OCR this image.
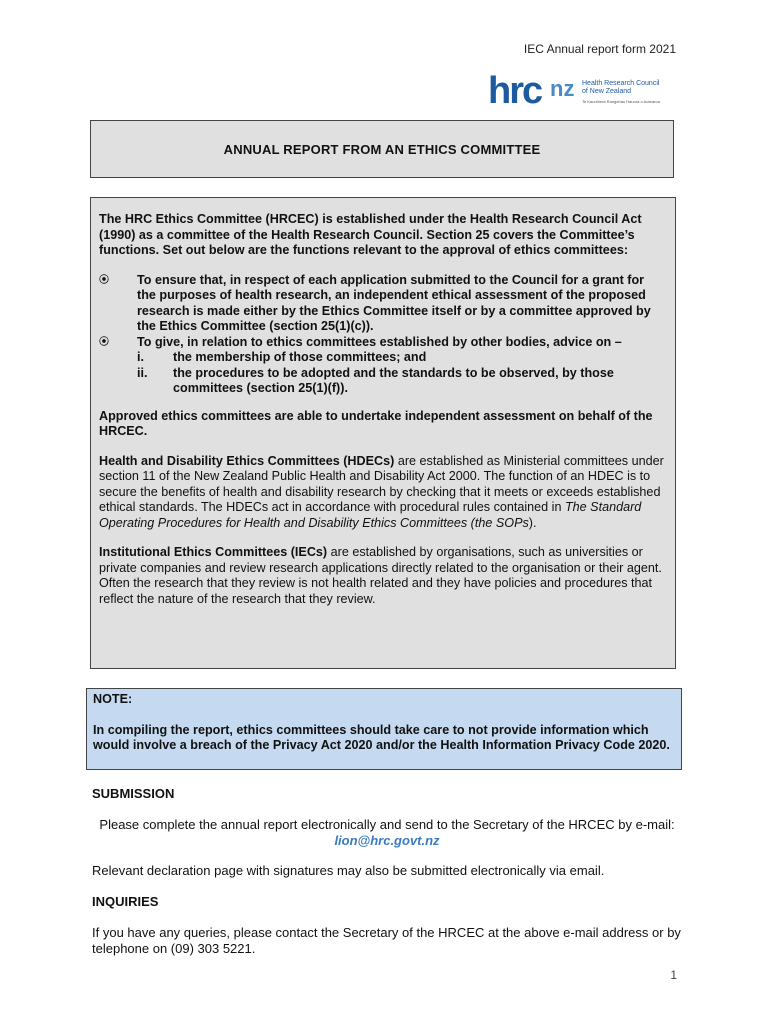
IEC Annual report form 2021
hrc nz Health Research Council
of New Zealand
Te Kaunihera Rangahau Hauora o Aotearoa
ANNUAL REPORT FROM AN ETHICS COMMITTEE

The HRC Ethics Committee (HRCEC) is established under the Health Research Council Act (1990) as a committee of the Health Research Council. Section 25 covers the Committee’s functions. Set out below are the functions relevant to the approval of ethics committees:

⦿ To ensure that, in respect of each application submitted to the Council for a grant for the purposes of health research, an independent ethical assessment of the proposed research is made either by the Ethics Committee itself or by a committee approved by the Ethics Committee (section 25(1)(c)).
⦿ To give, in relation to ethics committees established by other bodies, advice on –
i. the membership of those committees; and
ii. the procedures to be adopted and the standards to be observed, by those committees (section 25(1)(f)).

Approved ethics committees are able to undertake independent assessment on behalf of the HRCEC.

Health and Disability Ethics Committees (HDECs) are established as Ministerial committees under section 11 of the New Zealand Public Health and Disability Act 2000. The function of an HDEC is to secure the benefits of health and disability research by checking that it meets or exceeds established ethical standards. The HDECs act in accordance with procedural rules contained in The Standard Operating Procedures for Health and Disability Ethics Committees (the SOPs).

Institutional Ethics Committees (IECs) are established by organisations, such as universities or private companies and review research applications directly related to the organisation or their agent. Often the research that they review is not health related and they have policies and procedures that reflect the nature of the research that they review.

NOTE:

In compiling the report, ethics committees should take care to not provide information which would involve a breach of the Privacy Act 2020 and/or the Health Information Privacy Code 2020.

SUBMISSION
Please complete the annual report electronically and send to the Secretary of the HRCEC by e-mail: lion@hrc.govt.nz
Relevant declaration page with signatures may also be submitted electronically via email.
INQUIRIES
If you have any queries, please contact the Secretary of the HRCEC at the above e-mail address or by telephone on (09) 303 5221.
1
